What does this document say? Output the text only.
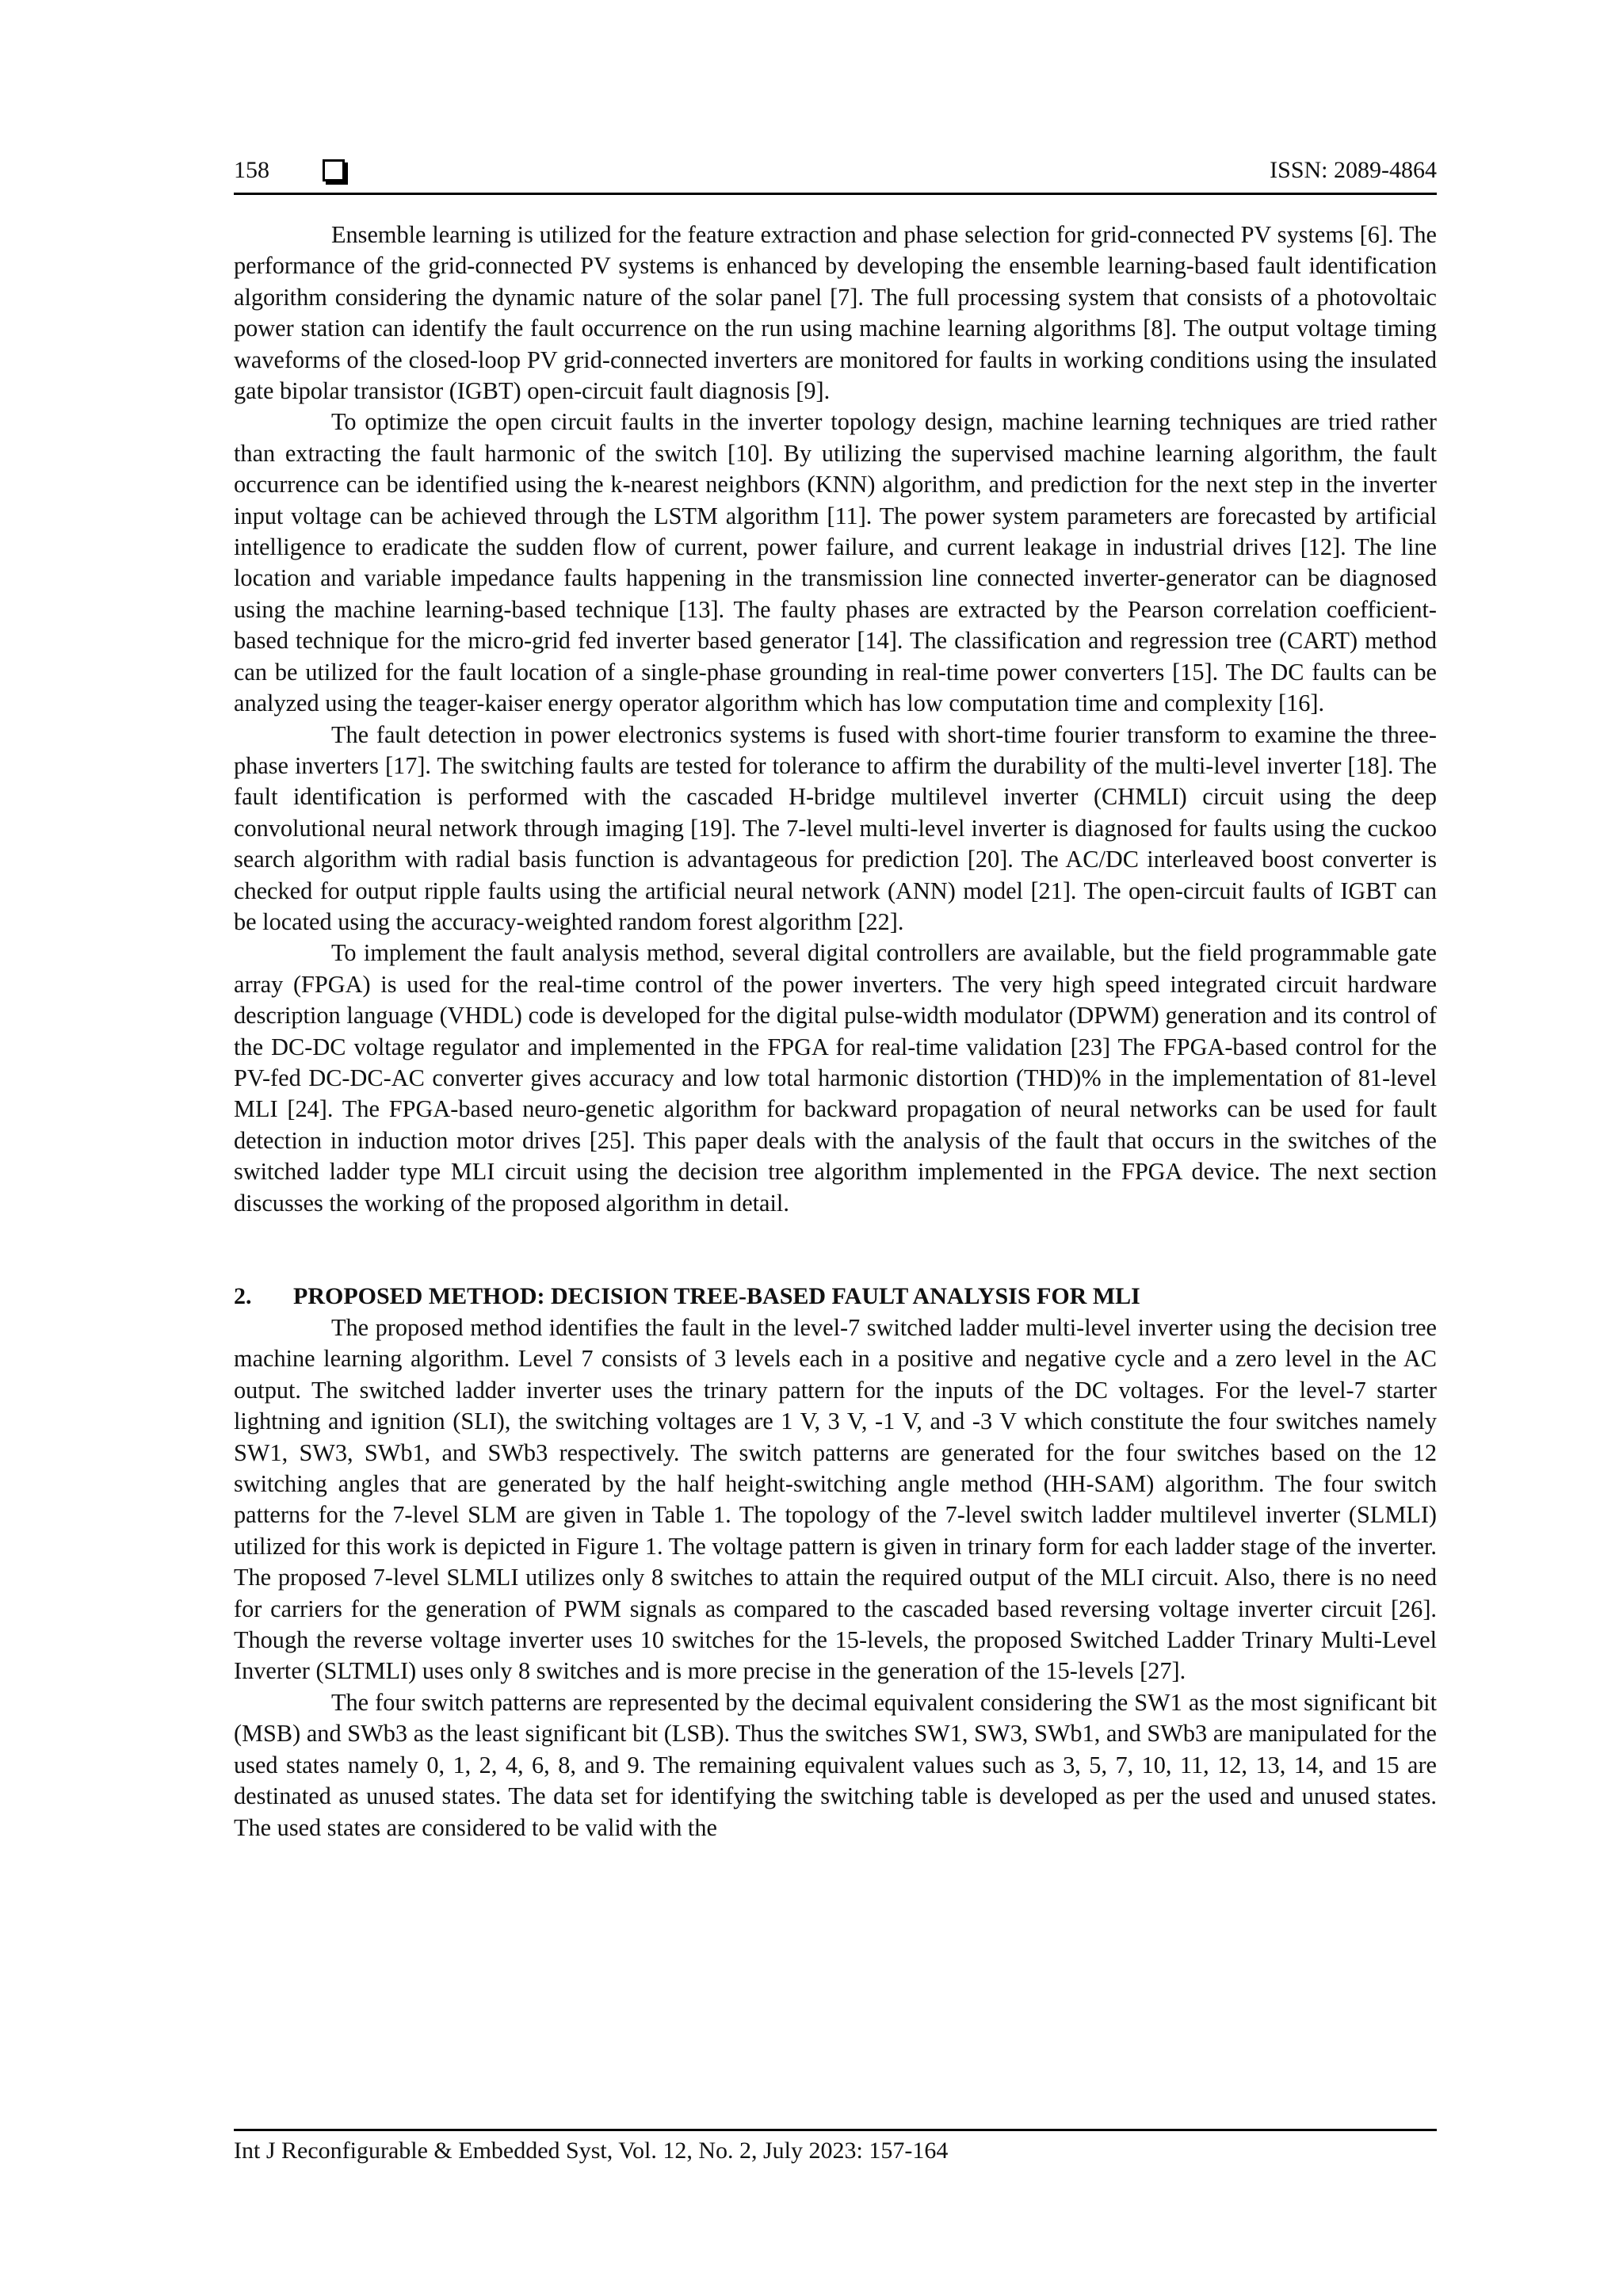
158	ISSN: 2089-4864

Ensemble learning is utilized for the feature extraction and phase selection for grid-connected PV systems [6]. The performance of the grid-connected PV systems is enhanced by developing the ensemble learning-based fault identification algorithm considering the dynamic nature of the solar panel [7]. The full processing system that consists of a photovoltaic power station can identify the fault occurrence on the run using machine learning algorithms [8]. The output voltage timing waveforms of the closed-loop PV grid-connected inverters are monitored for faults in working conditions using the insulated gate bipolar transistor (IGBT) open-circuit fault diagnosis [9].

To optimize the open circuit faults in the inverter topology design, machine learning techniques are tried rather than extracting the fault harmonic of the switch [10]. By utilizing the supervised machine learning algorithm, the fault occurrence can be identified using the k-nearest neighbors (KNN) algorithm, and prediction for the next step in the inverter input voltage can be achieved through the LSTM algorithm [11]. The power system parameters are forecasted by artificial intelligence to eradicate the sudden flow of current, power failure, and current leakage in industrial drives [12]. The line location and variable impedance faults happening in the transmission line connected inverter-generator can be diagnosed using the machine learning-based technique [13]. The faulty phases are extracted by the Pearson correlation coefficient-based technique for the micro-grid fed inverter based generator [14]. The classification and regression tree (CART) method can be utilized for the fault location of a single-phase grounding in real-time power converters [15]. The DC faults can be analyzed using the teager-kaiser energy operator algorithm which has low computation time and complexity [16].

The fault detection in power electronics systems is fused with short-time fourier transform to examine the three-phase inverters [17]. The switching faults are tested for tolerance to affirm the durability of the multi-level inverter [18]. The fault identification is performed with the cascaded H-bridge multilevel inverter (CHMLI) circuit using the deep convolutional neural network through imaging [19]. The 7-level multi-level inverter is diagnosed for faults using the cuckoo search algorithm with radial basis function is advantageous for prediction [20]. The AC/DC interleaved boost converter is checked for output ripple faults using the artificial neural network (ANN) model [21]. The open-circuit faults of IGBT can be located using the accuracy-weighted random forest algorithm [22].

To implement the fault analysis method, several digital controllers are available, but the field programmable gate array (FPGA) is used for the real-time control of the power inverters. The very high speed integrated circuit hardware description language (VHDL) code is developed for the digital pulse-width modulator (DPWM) generation and its control of the DC-DC voltage regulator and implemented in the FPGA for real-time validation [23] The FPGA-based control for the PV-fed DC-DC-AC converter gives accuracy and low total harmonic distortion (THD)% in the implementation of 81-level MLI [24]. The FPGA-based neuro-genetic algorithm for backward propagation of neural networks can be used for fault detection in induction motor drives [25]. This paper deals with the analysis of the fault that occurs in the switches of the switched ladder type MLI circuit using the decision tree algorithm implemented in the FPGA device. The next section discusses the working of the proposed algorithm in detail.

2. PROPOSED METHOD: DECISION TREE-BASED FAULT ANALYSIS FOR MLI

The proposed method identifies the fault in the level-7 switched ladder multi-level inverter using the decision tree machine learning algorithm. Level 7 consists of 3 levels each in a positive and negative cycle and a zero level in the AC output. The switched ladder inverter uses the trinary pattern for the inputs of the DC voltages. For the level-7 starter lightning and ignition (SLI), the switching voltages are 1 V, 3 V, -1 V, and -3 V which constitute the four switches namely SW1, SW3, SWb1, and SWb3 respectively. The switch patterns are generated for the four switches based on the 12 switching angles that are generated by the half height-switching angle method (HH-SAM) algorithm. The four switch patterns for the 7-level SLM are given in Table 1. The topology of the 7-level switch ladder multilevel inverter (SLMLI) utilized for this work is depicted in Figure 1. The voltage pattern is given in trinary form for each ladder stage of the inverter. The proposed 7-level SLMLI utilizes only 8 switches to attain the required output of the MLI circuit. Also, there is no need for carriers for the generation of PWM signals as compared to the cascaded based reversing voltage inverter circuit [26]. Though the reverse voltage inverter uses 10 switches for the 15-levels, the proposed Switched Ladder Trinary Multi-Level Inverter (SLTMLI) uses only 8 switches and is more precise in the generation of the 15-levels [27].

The four switch patterns are represented by the decimal equivalent considering the SW1 as the most significant bit (MSB) and SWb3 as the least significant bit (LSB). Thus the switches SW1, SW3, SWb1, and SWb3 are manipulated for the used states namely 0, 1, 2, 4, 6, 8, and 9. The remaining equivalent values such as 3, 5, 7, 10, 11, 12, 13, 14, and 15 are destinated as unused states. The data set for identifying the switching table is developed as per the used and unused states. The used states are considered to be valid with the

Int J Reconfigurable & Embedded Syst, Vol. 12, No. 2, July 2023: 157-164
